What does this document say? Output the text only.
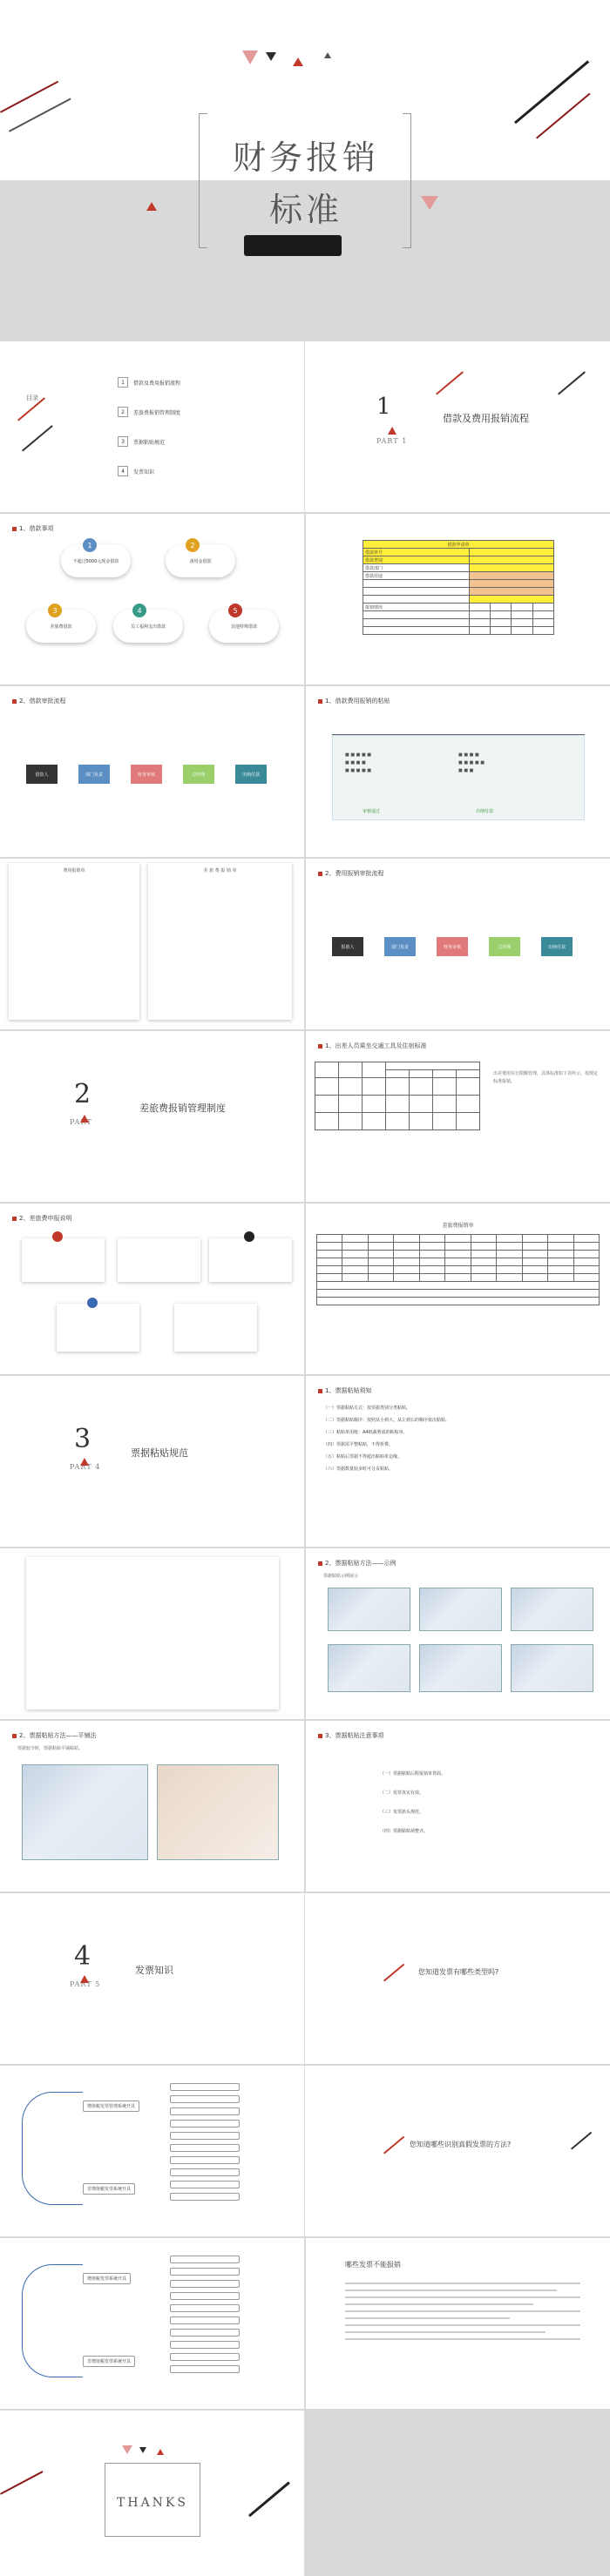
财务报销
标准
目录
1	借款及费用报销流程
2	差旅费报销管理制度
3	票据粘贴规范
4	发票知识
1
PART 1
借款及费用报销流程
1、借款事项
不超过5000元现金借款
1
备用金借款
2
差旅费借款
3
员工福利支出借款
4
其他特殊借款
5
借款申请单				
借款单号				
借款类别				
借款部门				
借款用途				

报销情况				

2、借款审批流程
借款人	部门负责	财务审核	总经理	出纳付款
1、借款费用报销的粘贴
■ ■ ■ ■ ■
■ ■ ■ ■
■ ■ ■ ■ ■
■ ■ ■ ■
■ ■ ■ ■ ■
■ ■ ■
审核通过	出纳付款
费用报销单	差 旅 费 报 销 单	2、费用报销审批流程
报销人	部门负责	财务审核	总经理	出纳付款
2
PART
差旅费报销管理制度
1、出差人员乘坐交通工具及住宿标准

出差费用实行限额管理，具体标准如下表所示，按规定标准报销。
2、差旅费申报说明
差旅费报销单

3
PART 4
票据粘贴规范
1、票据粘贴须知
（一）票据粘贴方式：按票据类别分类粘贴。
（二）票据粘贴顺序：按照从小到大、从左到右的顺序依次粘贴。
（三）粘贴单用纸：A4纸裁剪成的粘贴单。
（四）票据需平整粘贴，不得折叠。
（五）粘贴后票据不得超出粘贴单边缘。
（六）票据数量较多时可分页粘贴。
2、票据粘贴方法——示例
票据粘贴示例展示
2、票据粘贴方法——平铺法
票据较少时，票据粘贴平铺粘贴。
3、票据粘贴注意事项
（一）票据粘贴后附报销单背面。
（二）发票真实有效。
（三）发票抬头规范。
（四）票据粘贴须整齐。
4
PART 5
发票知识	您知道发票有哪些类型吗?
增值税发票管理系统开具
非增值税发票系统开具
您知道哪些识别真假发票的方法?
增值税发票系统开具
非增值税发票系统开具
哪些发票不能报销
THANKS
